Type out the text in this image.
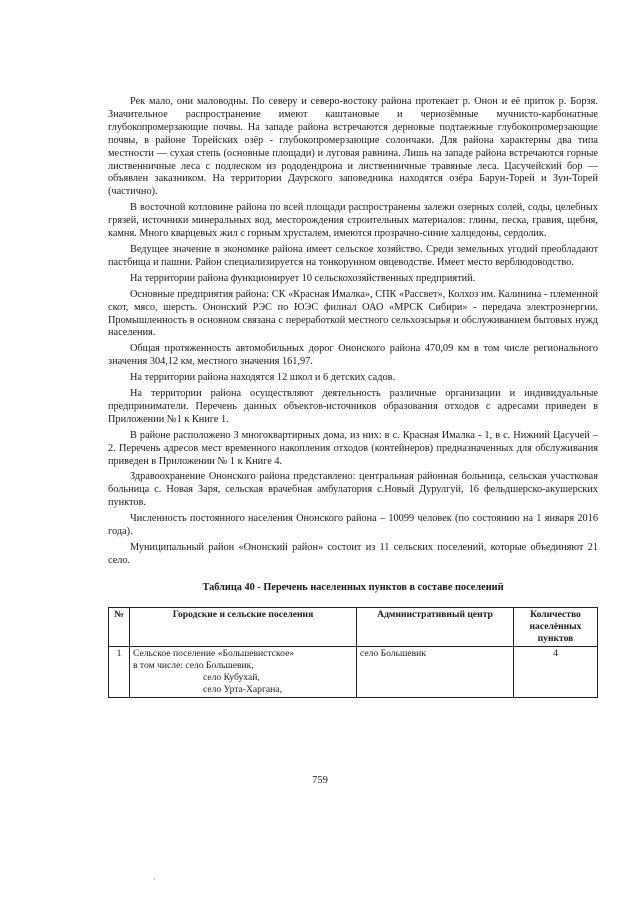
Рек мало, они маловодны. По северу и северо-востоку района протекает р. Онон и её приток р. Борзя. Значительное распространение имеют каштановые и чернозёмные мучнисто-карбонатные глубокопромерзающие почвы. На западе района встречаются дерновые подтаежные глубокопромерзающие почвы, в районе Торейских озёр - глубокопромерзающие солончаки. Для района характерны два типа местности — сухая степь (основные площади) и луговая равнина. Лишь на западе района встречаются горные лиственничные леса с подлеском из рододендрона и лиственничные травяные леса. Цасучейский бор — объявлен заказником. На территории Даурского заповедника находятся озёра Барун-Торей и Зун-Торей (частично).

В восточной котловине района по всей площади распространены залежи озерных солей, соды, целебных грязей, источники минеральных вод, месторождения строительных материалов: глины, песка, гравия, щебня, камня. Много кварцевых жил с горным хрусталем, имеются прозрачно-синие халцедоны, сердолик.

Ведущее значение в экономике района имеет сельское хозяйство. Среди земельных угодий преобладают пастбища и пашни. Район специализируется на тонкорунном овцеводстве. Имеет место верблюдоводство.

На территории района функционирует 10 сельскохозяйственных предприятий.

Основные предприятия района: СК «Красная Ималка», СПК «Рассвет», Колхоз им. Калинина - племенной скот, мясо, шерсть. Ононский РЭС по ЮЭС филиал ОАО «МРСК Сибири» - передача электроэнергии. Промышленность в основном связана с переработкой местного сельхозсырья и обслуживанием бытовых нужд населения.

Общая протяженность автомобильных дорог Ононского района 470,09 км в том числе регионального значения 304,12 км, местного значения 161,97.

На территории района находятся 12 школ и 6 детских садов.

На территории района осуществляют деятельность различные организации и индивидуальные предприниматели. Перечень данных объектов-источников образования отходов с адресами приведен в Приложении №1 к Книге 1.

В районе расположено 3 многоквартирных дома, из них: в с. Красная Ималка - 1, в с. Нижний Цасучей – 2. Перечень адресов мест временного накопления отходов (контейнеров) предназначенных для обслуживания приведен в Приложении № 1 к Книге 4.

Здравоохранение Ононского района представлено: центральная районная больница, сельская участковая больница с. Новая Заря, сельская врачебная амбулатория с.Новый Дурулгуй, 16 фельдшерско-акушерских пунктов.

Численность постоянного населения Ононского района – 10099 человек (по состоянию на 1 января 2016 года).

Муниципальный район «Ононский район» состоит из 11 сельских поселений, которые объединяют 21 село.

Таблица 40 - Перечень населенных пунктов в составе поселений
№	Городские и сельские поселения	Административный центр	Количество населённых пунктов
1	Сельское поселение «Большевистское»
в том числе: село Большевик,
село Кубухай,
село Урта-Харгана,	село Большевик	4
759
·
